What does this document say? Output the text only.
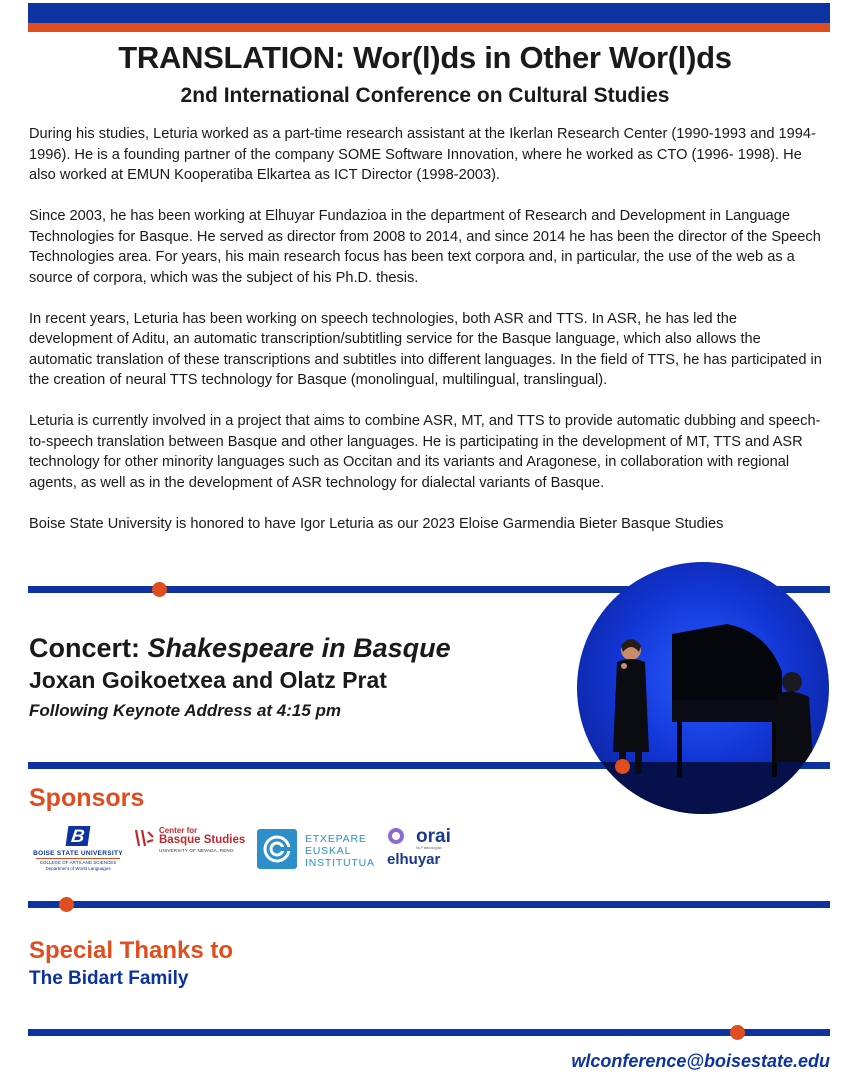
TRANSLATION: Wor(l)ds in Other Wor(l)ds
2nd International Conference on Cultural Studies

During his studies, Leturia worked as a part-time research assistant at the Ikerlan Research Center (1990-1993 and 1994-1996). He is a founding partner of the company SOME Software Innovation, where he worked as CTO (1996- 1998). He also worked at EMUN Kooperatiba Elkartea as ICT Director (1998-2003).

Since 2003, he has been working at Elhuyar Fundazioa in the department of Research and Development in Language Technologies for Basque. He served as director from 2008 to 2014, and since 2014 he has been the director of the Speech Technologies area. For years, his main research focus has been text corpora and, in particular, the use of the web as a source of corpora, which was the subject of his Ph.D. thesis.

In recent years, Leturia has been working on speech technologies, both ASR and TTS. In ASR, he has led the development of Aditu, an automatic transcription/subtitling service for the Basque language, which also allows the automatic translation of these transcriptions and subtitles into different languages. In the field of TTS, he has participated in the creation of neural TTS technology for Basque (monolingual, multilingual, translingual).

Leturia is currently involved in a project that aims to combine ASR, MT, and TTS to provide automatic dubbing and speech-to-speech translation between Basque and other languages. He is participating in the development of MT, TTS and ASR technology for other minority languages such as Occitan and its variants and Aragonese, in collaboration with regional agents, as well as in the development of ASR technology for dialectal variants of Basque.

Boise State University is honored to have Igor Leturia as our 2023 Eloise Garmendia Bieter Basque Studies

Concert: Shakespeare in Basque
Joxan Goikoetxea and Olatz Prat
Following Keynote Address at 4:15 pm
Sponsors
B
BOISE STATE UNIVERSITY
COLLEGE OF ARTS AND SCIENCES
Department of World Languages
Center for
Basque Studies
UNIVERSITY OF NEVADA, RENO
ETXEPARE
EUSKAL
INSTITUTUA
orai
NLP teknologiak
elhuyar
Special Thanks to
The Bidart Family
wlconference@boisestate.edu
